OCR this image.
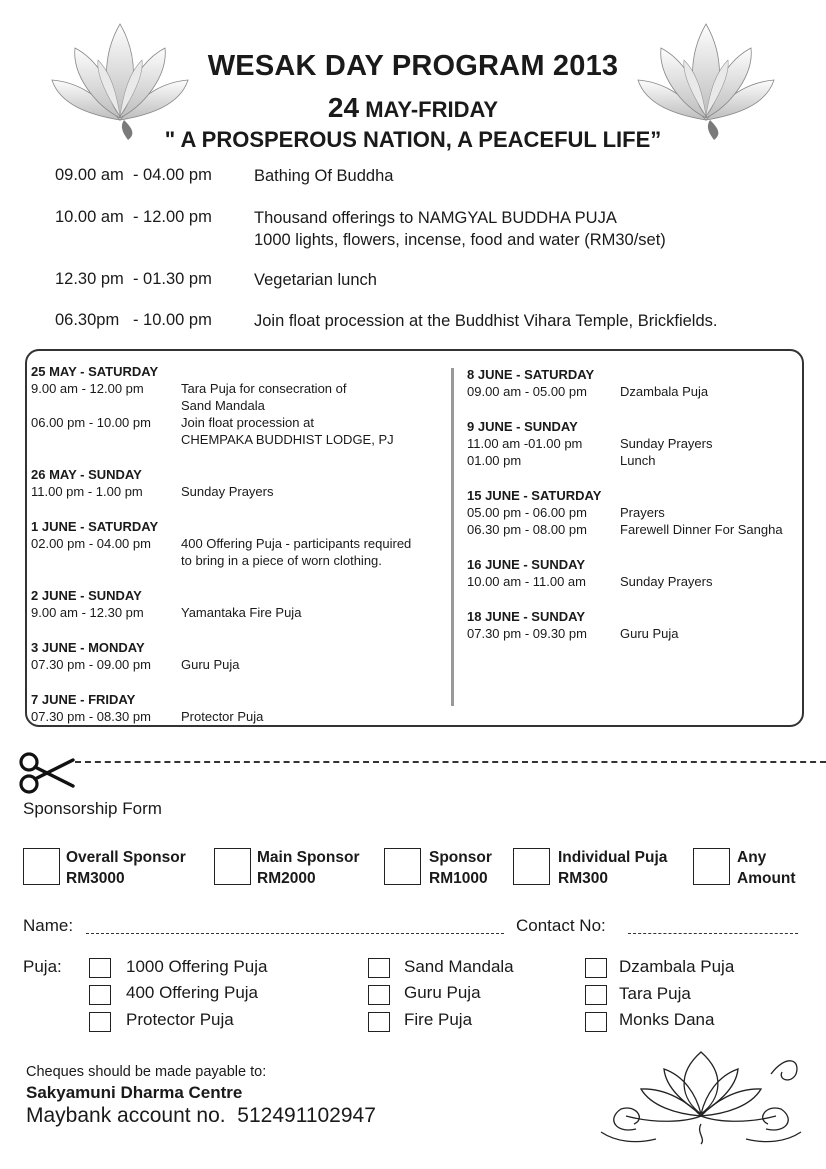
WESAK DAY PROGRAM 2013
24 MAY-FRIDAY
" A PROSPEROUS NATION, A PEACEFUL LIFE”
09.00 am  - 04.00 pm	Bathing Of Buddha
10.00 am  - 12.00 pm	Thousand offerings to NAMGYAL BUDDHA PUJA
1000 lights, flowers, incense, food and water (RM30/set)
12.30 pm  - 01.30 pm	Vegetarian lunch
06.30pm   - 10.00 pm	Join float procession at the Buddhist Vihara Temple, Brickfields.
25 MAY - SATURDAY
9.00 am - 12.00 pm	Tara Puja for consecration of
Sand Mandala
06.00 pm - 10.00 pm Join float procession at
CHEMPAKA BUDDHIST LODGE, PJ
26 MAY - SUNDAY
11.00 pm - 1.00 pm	Sunday Prayers
1 JUNE - SATURDAY
02.00 pm - 04.00 pm 400 Offering Puja - participants required
to bring in a piece of worn clothing.
2 JUNE - SUNDAY
9.00 am - 12.30 pm	Yamantaka Fire Puja
3 JUNE - MONDAY
07.30 pm - 09.00 pm Guru Puja
7 JUNE - FRIDAY
07.30 pm - 08.30 pm Protector Puja
8 JUNE - SATURDAY
09.00 am - 05.00 pm	Dzambala Puja
9 JUNE - SUNDAY
11.00 am -01.00 pm	Sunday Prayers
01.00 pm	Lunch
15 JUNE - SATURDAY
05.00 pm - 06.00 pm	Prayers
06.30 pm - 08.00 pm	Farewell Dinner For Sangha
16 JUNE - SUNDAY
10.00 am - 11.00 am	Sunday Prayers
18 JUNE - SUNDAY
07.30 pm - 09.30 pm	Guru Puja
Sponsorship Form
Overall Sponsor
RM3000
Main Sponsor
RM2000
Sponsor
RM1000
Individual Puja
RM300
Any
Amount
Name:	Contact No:
Puja:	1000 Offering Puja
400 Offering Puja
Protector Puja
Sand Mandala
Guru Puja
Fire Puja
Dzambala Puja
Tara Puja
Monks Dana
Cheques should be made payable to:
Sakyamuni Dharma Centre
Maybank account no. 512491102947
